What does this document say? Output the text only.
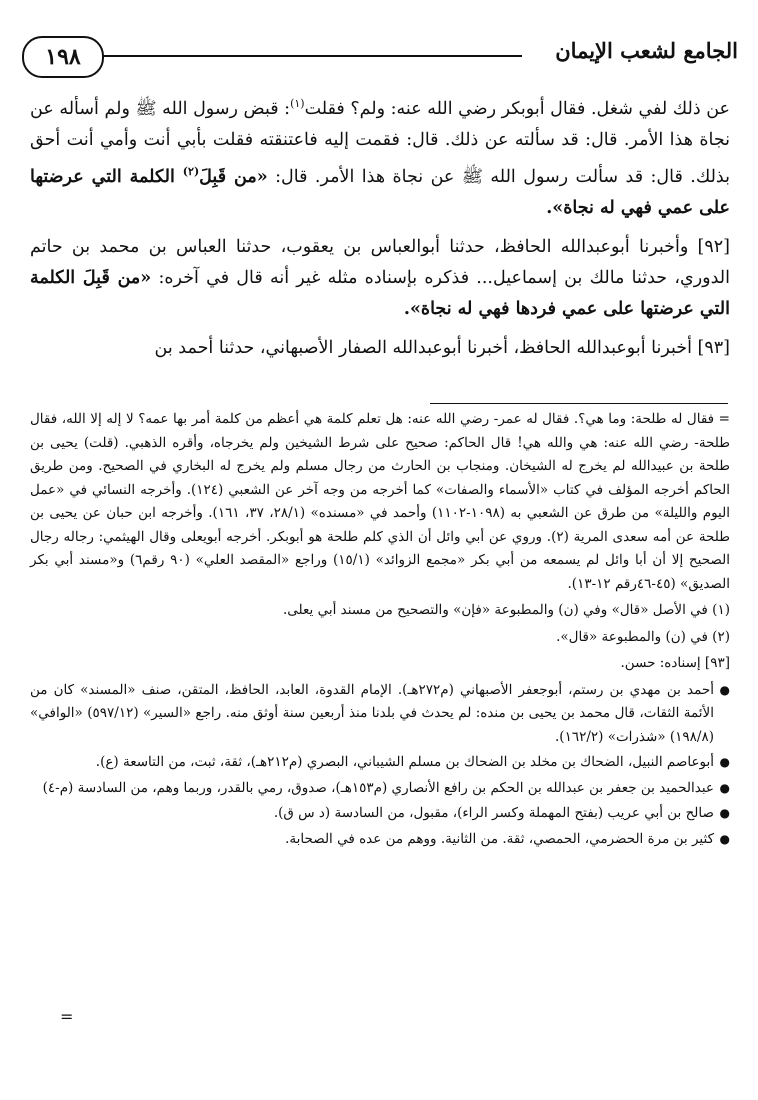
١٩٨	الجامع لشعب الإيمان

عن ذلك لفي شغل. فقال أبوبكر رضي الله عنه: ولم؟ فقلت$^{(١)}$: قبض رسول الله ﷺ ولم أسأله عن نجاة هذا الأمر. قال: قد سألته عن ذلك. قال: فقمت إليه فاعتنقته فقلت بأبي أنت وأمي أنت أحق بذلك. قال: قد سألت رسول الله ﷺ عن نجاة هذا الأمر. قال: «من قَبِلَ$^{(٢)}$ الكلمة التي عرضتها على عمي فهي له نجاة».

[٩٢] وأخبرنا أبوعبدالله الحافظ، حدثنا أبوالعباس بن يعقوب، حدثنا العباس بن محمد بن حاتم الدوري، حدثنا مالك بن إسماعيل... فذكره بإسناده مثله غير أنه قال في آخره: «من قَبِلَ الكلمة التي عرضتها على عمي فردها فهي له نجاة».

[٩٣] أخبرنا أبوعبدالله الحافظ، أخبرنا أبوعبدالله الصفار الأصبهاني، حدثنا أحمد بن

= فقال له طلحة: وما هي؟. فقال له عمر- رضي الله عنه: هل تعلم كلمة هي أعظم من كلمة أمر بها عمه؟ لا إله إلا الله، فقال طلحة- رضي الله عنه: هي والله هي! قال الحاكم: صحيح على شرط الشيخين ولم يخرجاه، وأقره الذهبي. (قلت) يحيى بن طلحة بن عبيدالله لم يخرج له الشيخان. ومنجاب بن الحارث من رجال مسلم ولم يخرج له البخاري في الصحيح. ومن طريق الحاكم أخرجه المؤلف في كتاب «الأسماء والصفات» كما أخرجه من وجه آخر عن الشعبي (١٢٤). وأخرجه النسائي في «عمل اليوم والليلة» من طرق عن الشعبي به (١٠٩٨-١١٠٢) وأحمد في «مسنده» (٢٨/١، ٣٧، ١٦١). وأخرجه ابن حبان عن يحيى بن طلحة عن أمه سعدى المرية (٢). وروي عن أبي وائل أن الذي كلم طلحة هو أبوبكر. أخرجه أبويعلى وقال الهيثمي: رجاله رجال الصحيح إلا أن أبا وائل لم يسمعه من أبي بكر «مجمع الزوائد» (١٥/١) وراجع «المقصد العلي» (٩٠ رقم٦) و«مسند أبي بكر الصديق» (٤٥-٤٦رقم ١٢-١٣).

(١) في الأصل «قال» وفي (ن) والمطبوعة «فإن» والتصحيح من مسند أبي يعلى.

(٢) في (ن) والمطبوعة «قال».

[٩٣] إسناده: حسن.

●
أحمد بن مهدي بن رستم، أبوجعفر الأصبهاني (م٢٧٢هـ). الإمام القدوة، العابد، الحافظ، المتقن، صنف «المسند» كان من الأئمة الثقات، قال محمد بن يحيى بن منده: لم يحدث في بلدنا منذ أربعين سنة أوثق منه. راجع «السير» (٥٩٧/١٢) «الوافي» (١٩٨/٨) «شذرات» (١٦٢/٢).
●
أبوعاصم النبيل، الضحاك بن مخلد بن الضحاك بن مسلم الشيباني، البصري (م٢١٢هـ)، ثقة، ثبت، من التاسعة (ع).
●
عبدالحميد بن جعفر بن عبدالله بن الحكم بن رافع الأنصاري (م١٥٣هـ)، صدوق، رمي بالقدر، وربما وهم، من السادسة (م-٤)
●
صالح بن أبي عريب (بفتح المهملة وكسر الراء)، مقبول، من السادسة (د س ق).
●
كثير بن مرة الحضرمي، الحمصي، ثقة. من الثانية. ووهم من عده في الصحابة.
=
